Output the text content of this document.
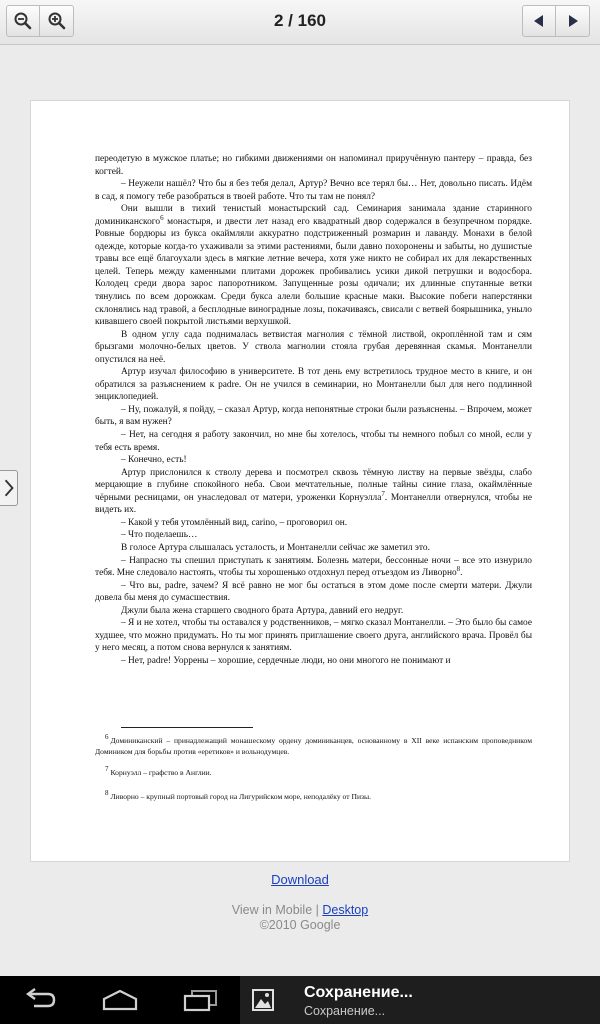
2 / 160

переодетую в мужское платье; но гибкими движениями он напоминал приручённую пантеру – правда, без когтей.

– Неужели нашёл? Что бы я без тебя делал, Артур? Вечно все терял бы… Нет, довольно писать. Идём в сад, я помогу тебе разобраться в твоей работе. Что ты там не понял?

Они вышли в тихий тенистый монастырский сад. Семинария занимала здание старинного доминиканского$^6$ монастыря, и двести лет назад его квадратный двор содержался в безупречном порядке. Ровные бордюры из букса окаймляли аккуратно подстриженный розмарин и лаванду. Монахи в белой одежде, которые когда-то ухаживали за этими растениями, были давно похоронены и забыты, но душистые травы все ещё благоухали здесь в мягкие летние вечера, хотя уже никто не собирал их для лекарственных целей. Теперь между каменными плитами дорожек пробивались усики дикой петрушки и водосбора. Колодец среди двора зарос папоротником. Запущенные розы одичали; их длинные спутанные ветки тянулись по всем дорожкам. Среди букса алели большие красные маки. Высокие побеги наперстянки склонялись над травой, а бесплодные виноградные лозы, покачиваясь, свисали с ветвей боярышника, уныло кивавшего своей покрытой листьями верхушкой.

В одном углу сада поднималась ветвистая магнолия с тёмной листвой, окроплённой там и сям брызгами молочно-белых цветов. У ствола магнолии стояла грубая деревянная скамья. Монтанелли опустился на неё.

Артур изучал философию в университете. В тот день ему встретилось трудное место в книге, и он обратился за разъяснением к padre. Он не учился в семинарии, но Монтанелли был для него подлинной энциклопедией.

– Ну, пожалуй, я пойду, – сказал Артур, когда непонятные строки были разъяснены. – Впрочем, может быть, я вам нужен?

– Нет, на сегодня я работу закончил, но мне бы хотелось, чтобы ты немного побыл со мной, если у тебя есть время.

– Конечно, есть!

Артур прислонился к стволу дерева и посмотрел сквозь тёмную листву на первые звёзды, слабо мерцающие в глубине спокойного неба. Свои мечтательные, полные тайны синие глаза, окаймлённые чёрными ресницами, он унаследовал от матери, уроженки Корнуэлла$^7$. Монтанелли отвернулся, чтобы не видеть их.

– Какой у тебя утомлённый вид, carino, – проговорил он.

– Что поделаешь…

В голосе Артура слышалась усталость, и Монтанелли сейчас же заметил это.

– Напрасно ты спешил приступать к занятиям. Болезнь матери, бессонные ночи – все это изнурило тебя. Мне следовало настоять, чтобы ты хорошенько отдохнул перед отъездом из Ливорно$^8$.

– Что вы, padre, зачем? Я всё равно не мог бы остаться в этом доме после смерти матери. Джули довела бы меня до сумасшествия.

Джули была жена старшего сводного брата Артура, давний его недруг.

– Я и не хотел, чтобы ты оставался у родственников, – мягко сказал Монтанелли. – Это было бы самое худшее, что можно придумать. Но ты мог принять приглашение своего друга, английского врача. Провёл бы у него месяц, а потом снова вернулся к занятиям.

– Нет, padre! Уоррены – хорошие, сердечные люди, но они многого не понимают и

$^6$ Доминиканский – принадлежащий монашескому ордену доминиканцев, основанному в XII веке испанским проповедником Домиником для борьбы против «еретиков» и вольнодумцев.

$^7$ Корнуэлл – графство в Англии.

$^8$ Ливорно – крупный портовый город на Лигурийском море, неподалёку от Пизы.

Download
View in Mobile | Desktop
©2010 Google
Сохранение...
Сохранение...
